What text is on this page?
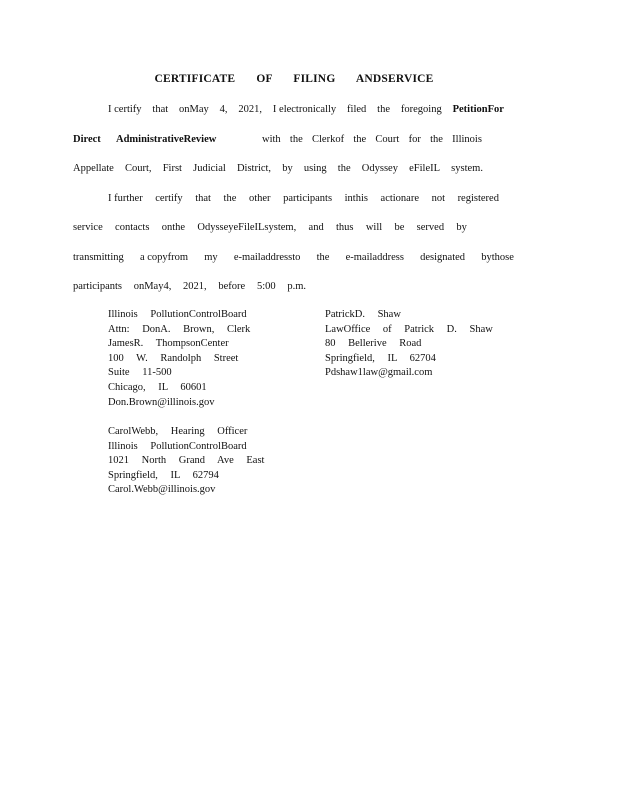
CERTIFICATE OF FILING ANDSERVICE
I certify that onMay 4, 2021, I electronically filed the foregoing PetitionFor
Direct AdministrativeReview	with the Clerkof the Court for the Illinois
Appellate Court, First Judicial District, by using the Odyssey eFileIL system.
I further certify that the other participants inthis actionare not registered
service contacts onthe OdysseyeFileILsystem, and thus will be served by
transmitting a copyfrom my e-mailaddressto the e-mailaddress designated bythose
participants onMay4, 2021, before 5:00 p.m.
Illinois PollutionControlBoard
Attn: DonA. Brown, Clerk
JamesR. ThompsonCenter
100 W. Randolph Street
Suite 11-500
Chicago, IL 60601
Don.Brown@illinois.gov
PatrickD. Shaw
LawOffice of Patrick D. Shaw
80 Bellerive Road
Springfield, IL 62704
Pdshaw1law@gmail.com
CarolWebb, Hearing Officer
Illinois PollutionControlBoard
1021 North Grand Ave East
Springfield, IL 62794
Carol.Webb@illinois.gov
